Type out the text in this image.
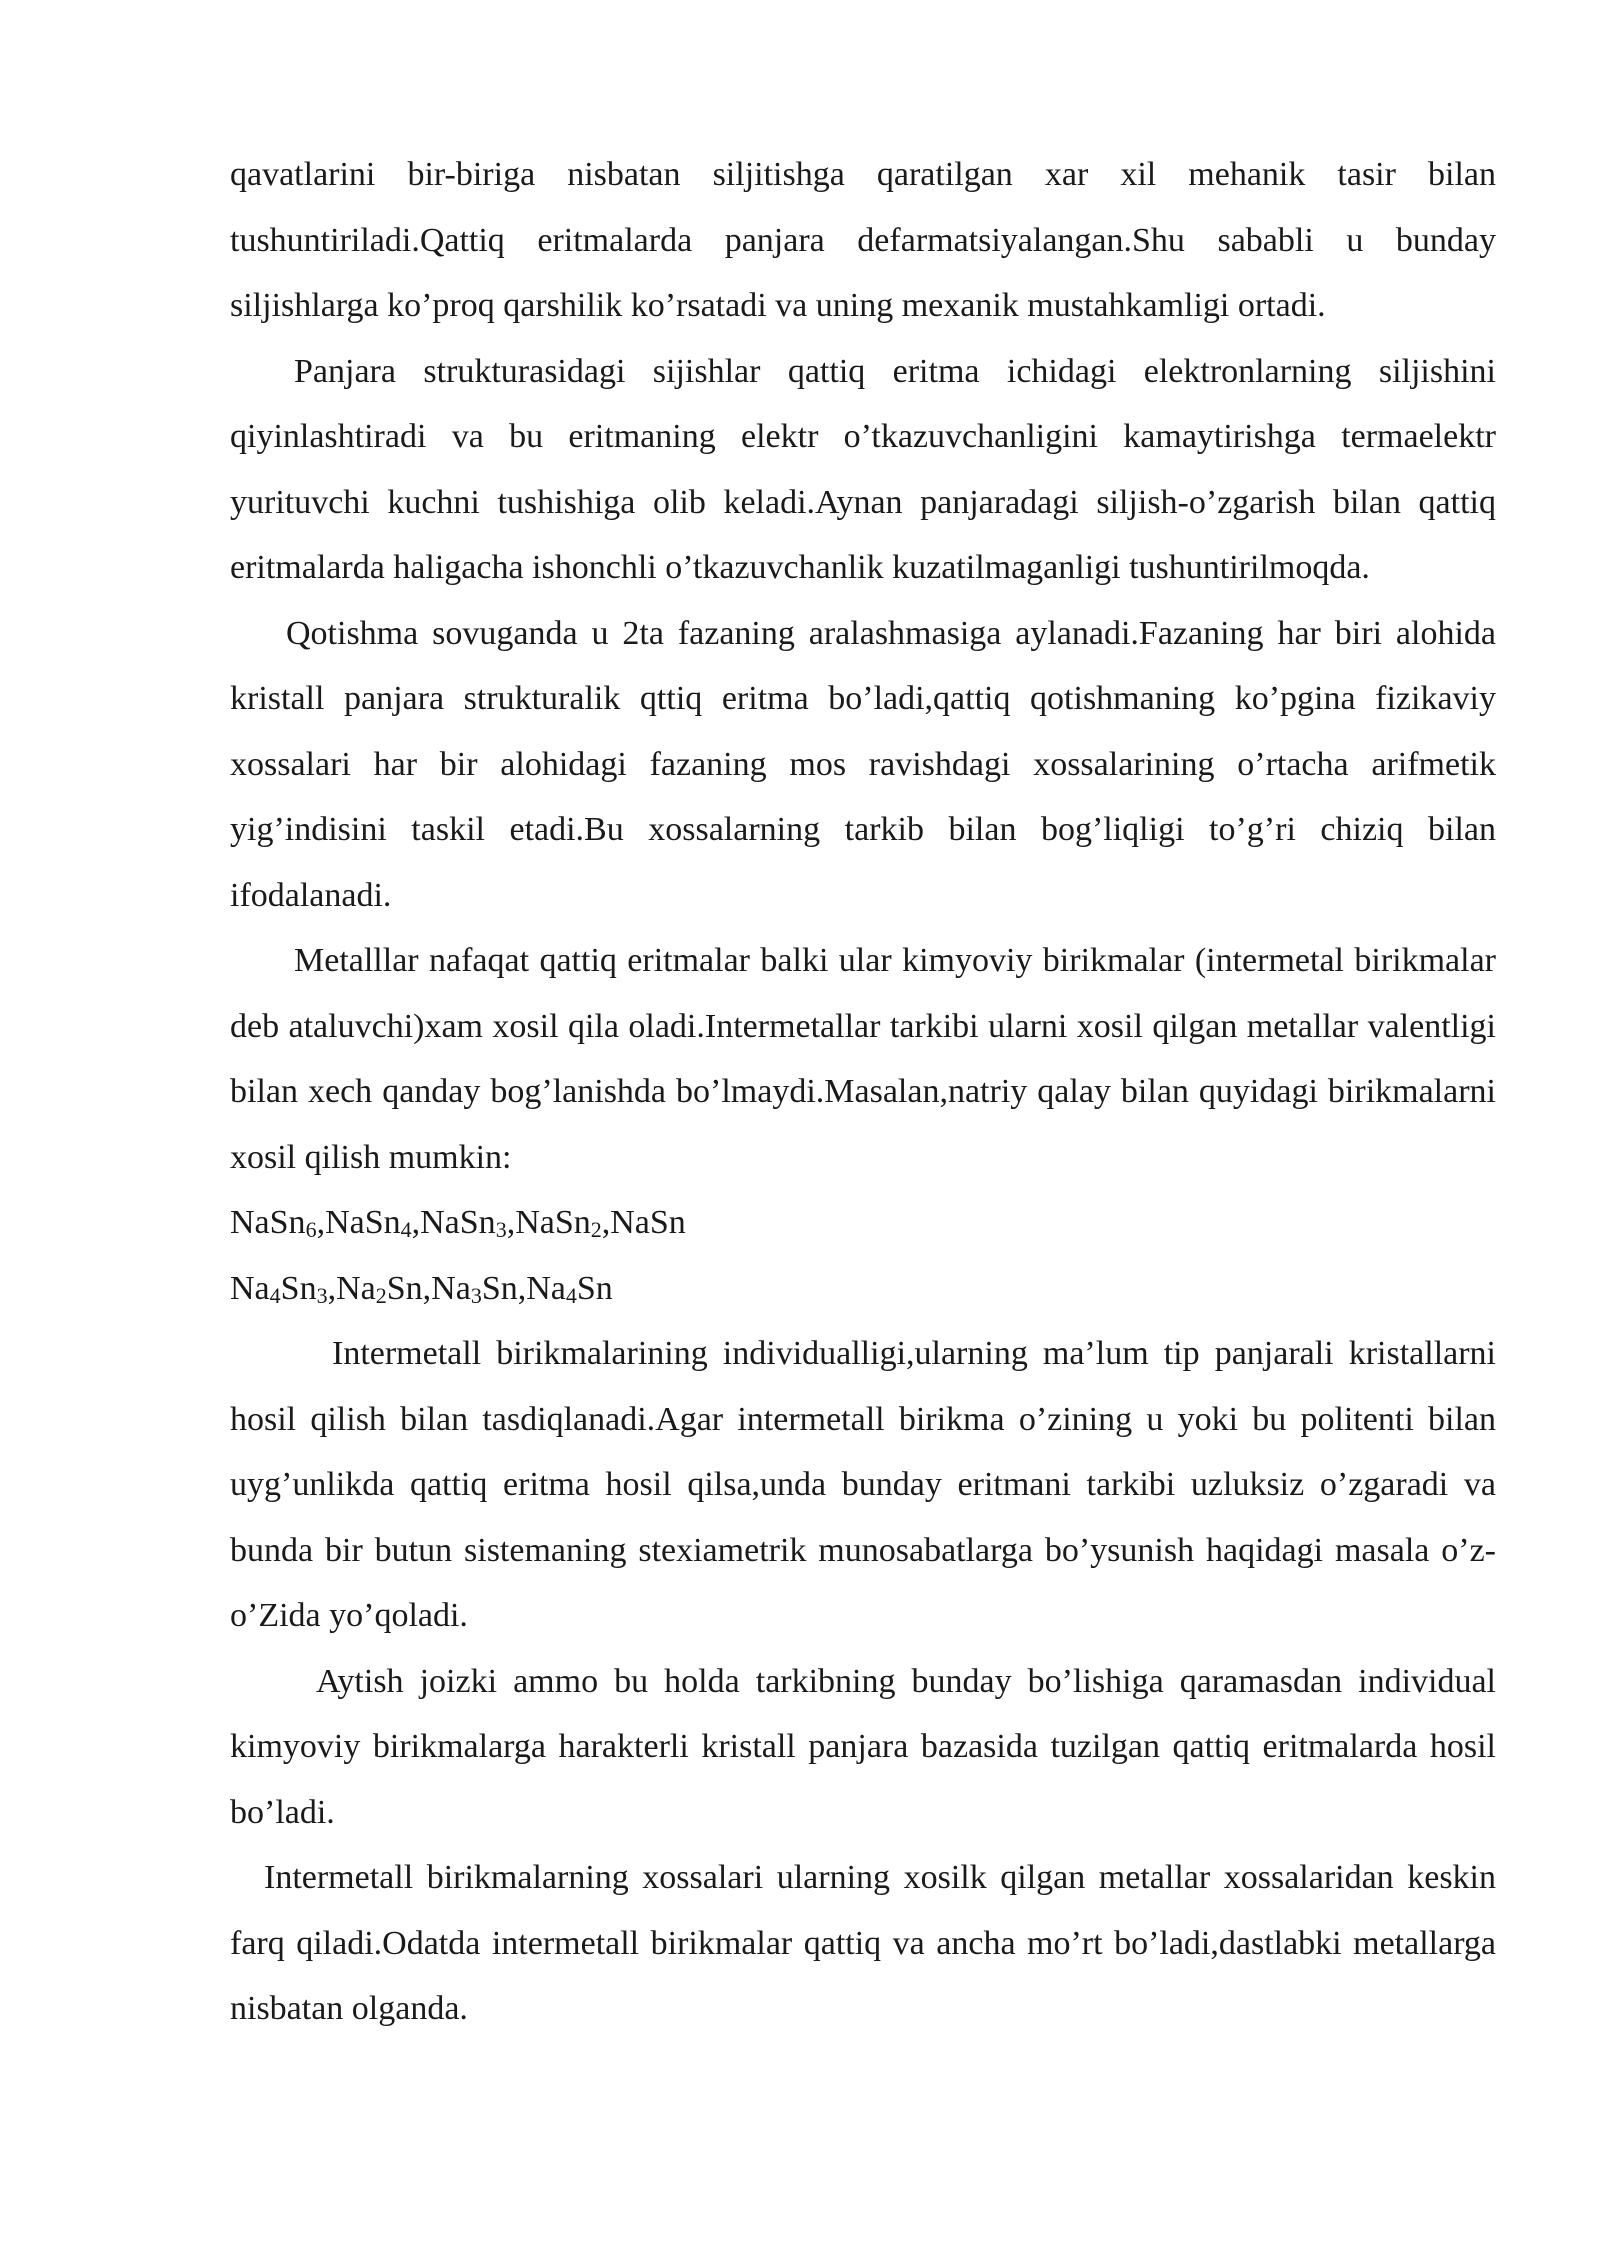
qavatlarini bir-biriga nisbatan siljitishga qaratilgan xar xil mehanik tasir bilan tushuntiriladi.Qattiq eritmalarda panjara defarmatsiyalangan.Shu sababli u bunday siljishlarga ko’proq qarshilik ko’rsatadi va uning mexanik mustahkamligi ortadi.

Panjara strukturasidagi sijishlar qattiq eritma ichidagi elektronlarning siljishini qiyinlashtiradi va bu eritmaning elektr o’tkazuvchanligini kamaytirishga termaelektr yurituvchi kuchni tushishiga olib keladi.Aynan panjaradagi siljish-o’zgarish bilan qattiq eritmalarda haligacha ishonchli o’tkazuvchanlik kuzatilmaganligi tushuntirilmoqda.

Qotishma sovuganda u 2ta fazaning aralashmasiga aylanadi.Fazaning har biri alohida kristall panjara strukturalik qttiq eritma bo’ladi,qattiq qotishmaning ko’pgina fizikaviy xossalari har bir alohidagi fazaning mos ravishdagi xossalarining o’rtacha arifmetik yig’indisini taskil etadi.Bu xossalarning tarkib bilan bog’liqligi to’g’ri chiziq bilan ifodalanadi.

Metalllar nafaqat qattiq eritmalar balki ular kimyoviy birikmalar (intermetal birikmalar deb ataluvchi)xam xosil qila oladi.Intermetallar tarkibi ularni xosil qilgan metallar valentligi bilan xech qanday bog’lanishda bo’lmaydi.Masalan,natriy qalay bilan quyidagi birikmalarni xosil qilish mumkin:

NaSn$_6$,NaSn$_4$,NaSn$_3$,NaSn$_2$,NaSn

$Na_4Sn_3,Na_2Sn,Na_3Sn,Na_4Sn$

Intermetall birikmalarining individualligi,ularning ma’lum tip panjarali kristallarni hosil qilish bilan tasdiqlanadi.Agar intermetall birikma o’zining u yoki bu politenti bilan uyg’unlikda qattiq eritma hosil qilsa,unda bunday eritmani tarkibi uzluksiz o’zgaradi va bunda bir butun sistemaning stexiametrik munosabatlarga bo’ysunish haqidagi masala o’z-o’Zida yo’qoladi.

Aytish joizki ammo bu holda tarkibning bunday bo’lishiga qaramasdan individual kimyoviy birikmalarga harakterli kristall panjara bazasida tuzilgan qattiq eritmalarda hosil bo’ladi.

Intermetall birikmalarning xossalari ularning xosilk qilgan metallar xossalaridan keskin farq qiladi.Odatda intermetall birikmalar qattiq va ancha mo’rt bo’ladi,dastlabki metallarga nisbatan olganda.
